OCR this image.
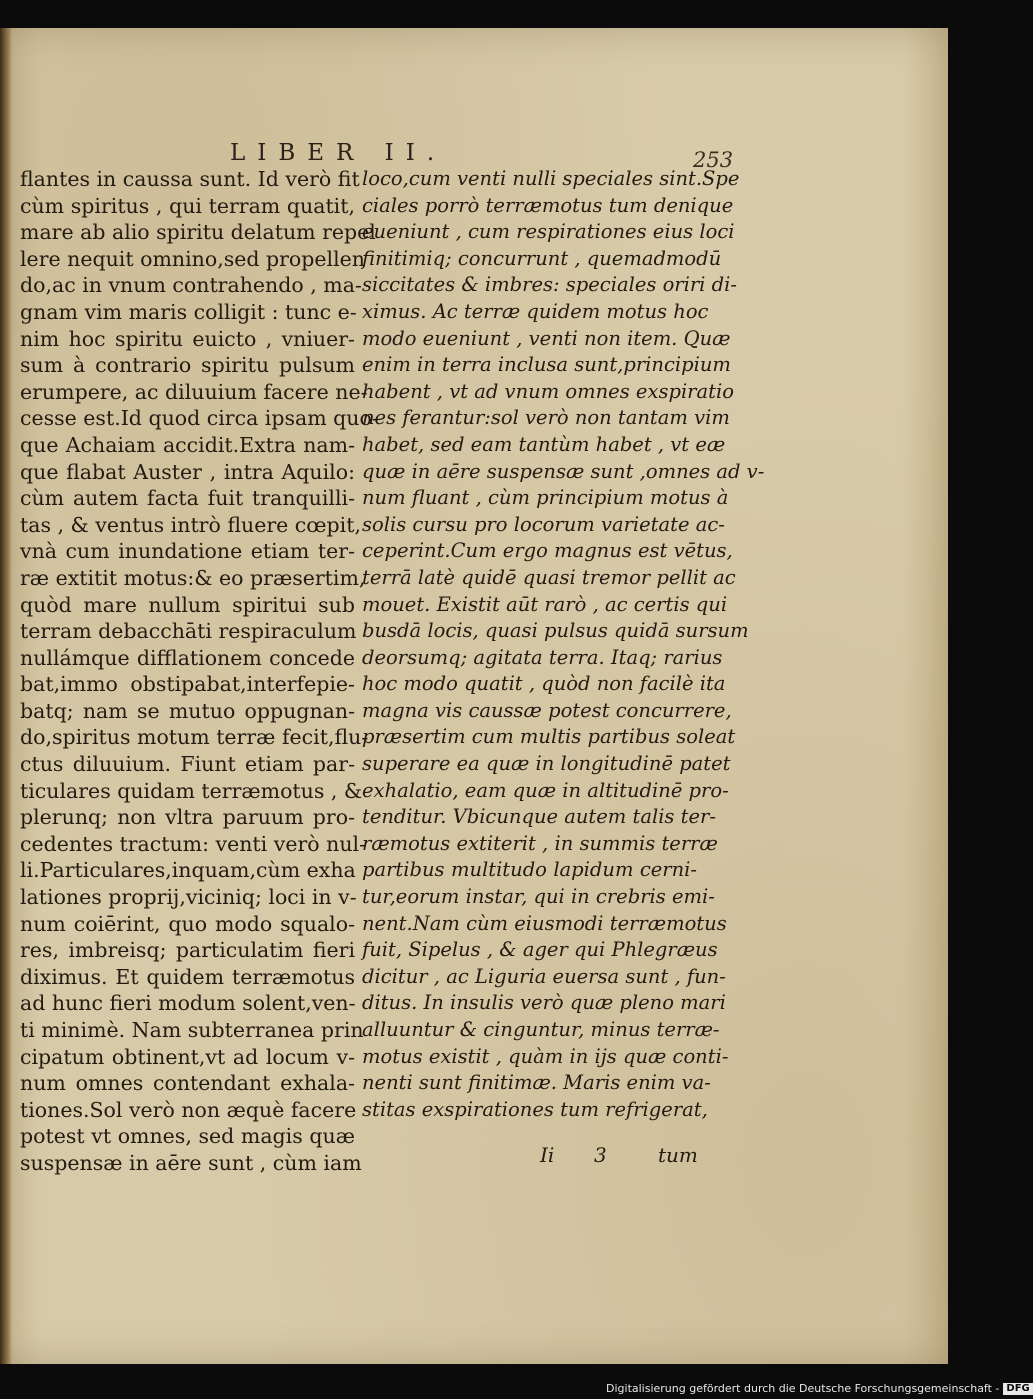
LIBER II.	253
flantes in caussa sunt. Id verò fit
cùm spiritus , qui terram quatit,
mare ab alio spiritu delatum repel
lere nequit omnino,sed propellen
do,ac in vnum contrahendo , ma-
gnam vim maris colligit : tunc e-
nim hoc spiritu euicto , vniuer-
sum à contrario spiritu pulsum
erumpere, ac diluuium facere ne-
cesse est.Id quod circa ipsam quo-
que Achaiam accidit.Extra nam-
que flabat Auster , intra Aquilo:
cùm autem facta fuit tranquilli-
tas , & ventus intrò fluere cœpit,
vnà cum inundatione etiam ter-
ræ extitit motus:& eo præsertim,
quòd mare nullum spiritui sub
terram debacchāti respiraculum
nullámque difflationem concede
bat,immo obstipabat,interfepie-
batq; nam se mutuo oppugnan-
do,spiritus motum terræ fecit,flu-
ctus diluuium. Fiunt etiam par-
ticulares quidam terræmotus , &
plerunq; non vltra paruum pro-
cedentes tractum: venti verò nul-
li.Particulares,inquam,cùm exha
lationes proprij,viciniq; loci in v-
num coiērint, quo modo squalo-
res, imbreisq; particulatim fieri
diximus. Et quidem terræmotus
ad hunc fieri modum solent,ven-
ti minimè. Nam subterranea prin
cipatum obtinent,vt ad locum v-
num omnes contendant exhala-
tiones.Sol verò non æquè facere
potest vt omnes, sed magis quæ
suspensæ in aēre sunt , cùm iam
loco,cum venti nulli speciales sint.Spe
ciales porrò terræmotus tum denique
eueniunt , cum respirationes eius loci
finitimiq; concurrunt , quemadmodū
siccitates & imbres: speciales oriri di-
ximus. Ac terræ quidem motus hoc
modo eueniunt , venti non item. Quæ
enim in terra inclusa sunt,principium
habent , vt ad vnum omnes exspiratio
nes ferantur:sol verò non tantam vim
habet, sed eam tantùm habet , vt eæ
quæ in aēre suspensæ sunt ,omnes ad v-
num fluant , cùm principium motus à
solis cursu pro locorum varietate ac-
ceperint.Cum ergo magnus est vētus,
terrā latè quidē quasi tremor pellit ac
mouet. Existit aūt rarò , ac certis qui
busdā locis, quasi pulsus quidā sursum
deorsumq; agitata terra. Itaq; rarius
hoc modo quatit , quòd non facilè ita
magna vis caussæ potest concurrere,
præsertim cum multis partibus soleat
superare ea quæ in longitudinē patet
exhalatio, eam quæ in altitudinē pro-
tenditur. Vbicunque autem talis ter-
ræmotus extiterit , in summis terræ
partibus multitudo lapidum cerni-
tur,eorum instar, qui in crebris emi-
nent.Nam cùm eiusmodi terræmotus
fuit, Sipelus , & ager qui Phlegræus
dicitur , ac Liguria euersa sunt , fun-
ditus. In insulis verò quæ pleno mari
alluuntur & cinguntur, minus terræ-
motus existit , quàm in ijs quæ conti-
nenti sunt finitimæ. Maris enim va-
stitas exspirationes tum refrigerat,
Ii 3	tum
Digitalisierung gefördert durch die Deutsche Forschungsgemeinschaft - DFG
